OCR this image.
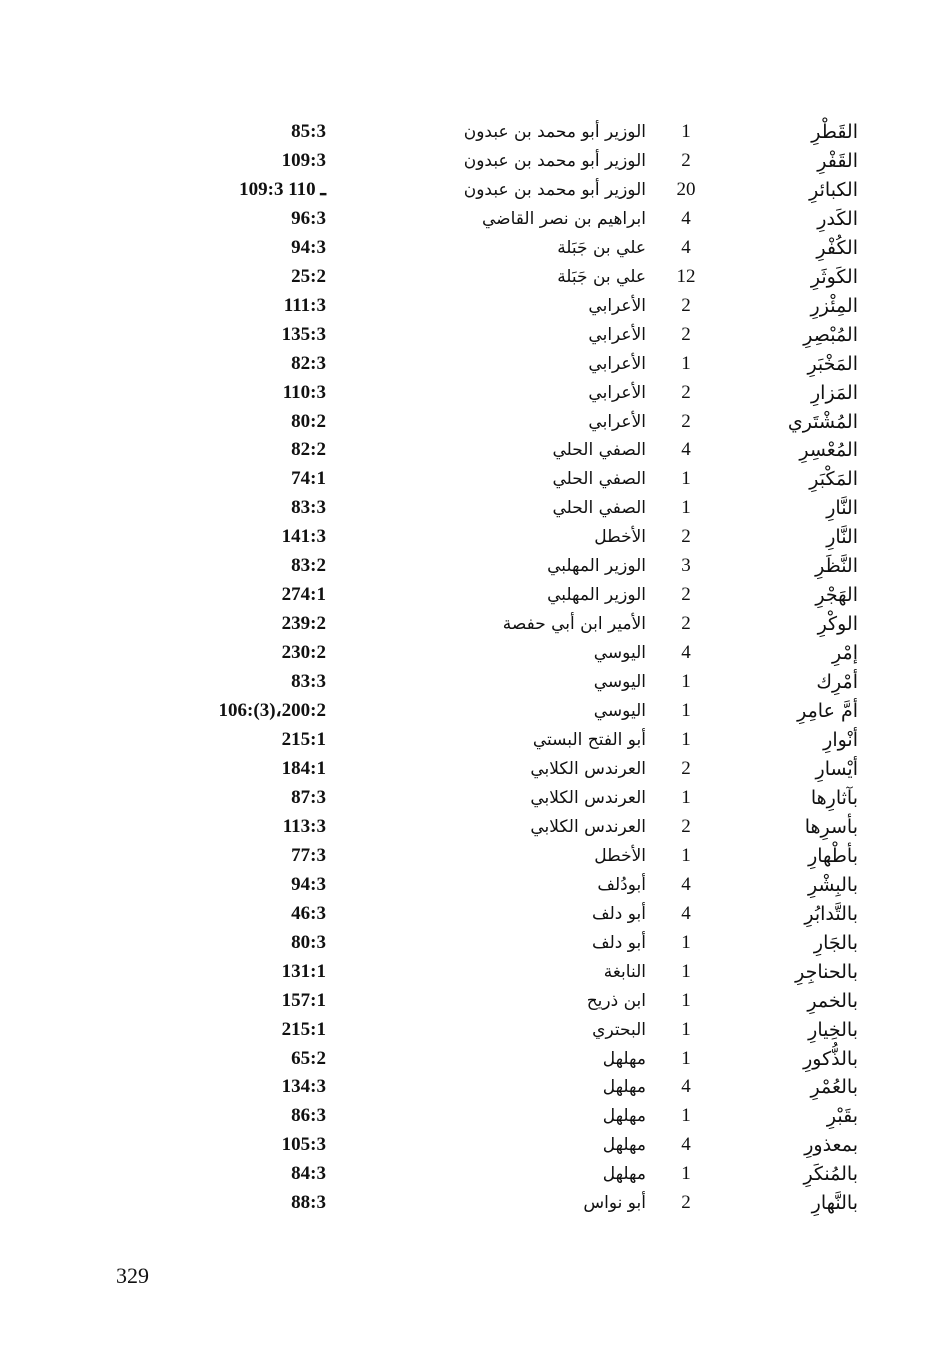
القَطْرِ
1
الوزير أبو محمد بن عبدون
85:3
القَفْرِ
2
الوزير أبو محمد بن عبدون
109:3
الكبائرِ
20
الوزير أبو محمد بن عبدون
109:3 ـ 110
الكَدرِ
4
ابراهيم بن نصر القاضي
96:3
الكُفْرِ
4
علي بن جَبَلة
94:3
الكَوثَرِ
12
علي بن جَبَلة
25:2
المِئْزرِ
2
الأعرابي
111:3
المُبْصِرِ
2
الأعرابي
135:3
المَخْبَرِ
1
الأعرابي
82:3
المَزارِ
2
الأعرابي
110:3
المُشْتَري
2
الأعرابي
80:2
المُعْسِرِ
4
الصفي الحلي
82:2
المَكْبَرِ
1
الصفي الحلي
74:1
النَّارِ
1
الصفي الحلي
83:3
النَّارِ
2
الأخطل
141:3
النَّظَرِ
3
الوزير المهلبي
83:2
الهَجْرِ
2
الوزير المهلبي
274:1
الوكْرِ
2
الأمير ابن أبي حفصة
239:2
إمْرِ
4
اليوسي
230:2
أمْرِك
1
اليوسي
83:3
أمَّ عامِرِ
1
اليوسي
106:(3)،200:2
أنْوارِ
1
أبو الفتح البستي
215:1
أيْسارِ
2
العرندس الكلابي
184:1
بآثارِها
1
العرندس الكلابي
87:3
بأسرِها
2
العرندس الكلابي
113:3
بأطْهارِ
1
الأخطل
77:3
بالبِشْرِ
4
أبودُلف
94:3
بالتَّدابُرِ
4
أبو دلف
46:3
بالجَارِ
1
أبو دلف
80:3
بالحناجِرِ
1
النابغة
131:1
بالخمرِ
1
ابن ذريح
157:1
بالخِيارِ
1
البحتري
215:1
بالذُّكورِ
1
مهلهل
65:2
بالعُمْرِ
4
مهلهل
134:3
بقَبْرِ
1
مهلهل
86:3
بمعذورِ
4
مهلهل
105:3
بالمُنكَرِ
1
مهلهل
84:3
بالنَّهارِ
2
أبو نواس
88:3
329
